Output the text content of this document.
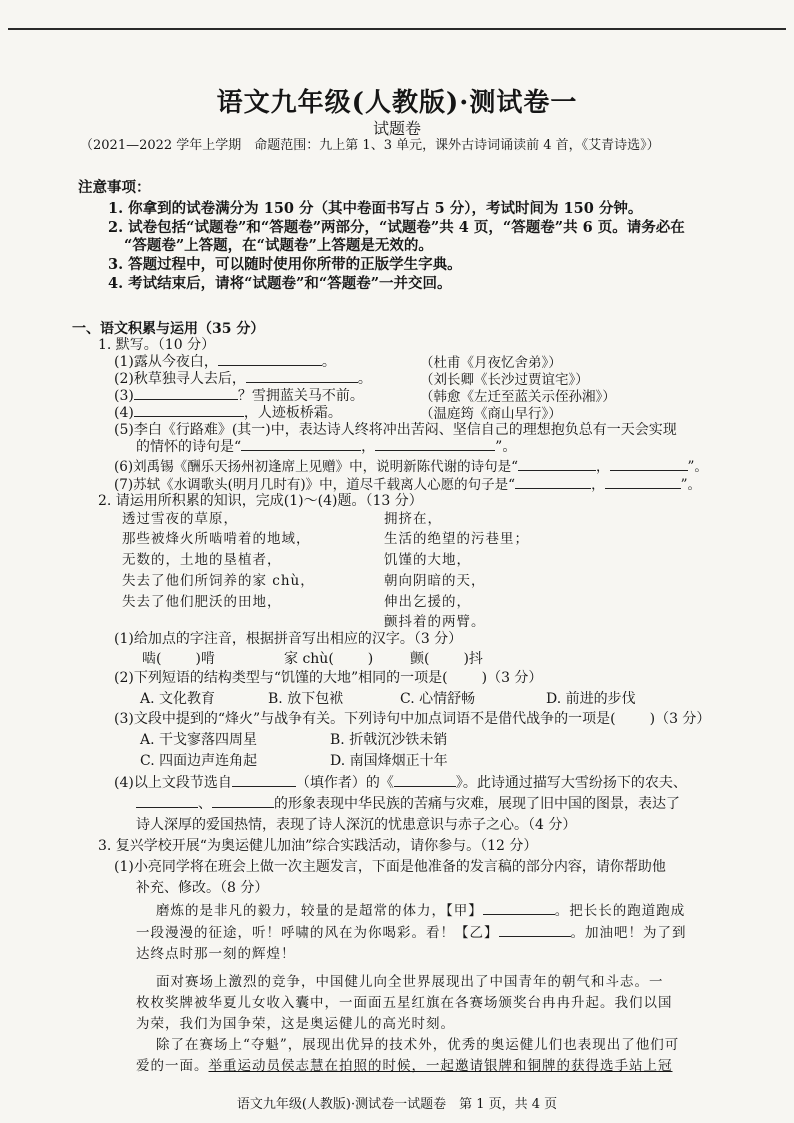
语文九年级(人教版)·测试卷一
试题卷
（2021—2022 学年上学期　命题范围：九上第 1、3 单元，课外古诗词诵读前 4 首，《艾青诗选》）
注意事项：
1. 你拿到的试卷满分为 150 分（其中卷面书写占 5 分），考试时间为 150 分钟。
2. 试卷包括“试题卷”和“答题卷”两部分，“试题卷”共 4 页，“答题卷”共 6 页。请务必在
“答题卷”上答题，在“试题卷”上答题是无效的。
3. 答题过程中，可以随时使用你所带的正版学生字典。
4. 考试结束后，请将“试题卷”和“答题卷”一并交回。
一、语文积累与运用（35 分）
1. 默写。（10 分）
(1)露从今夜白，	。	（杜甫《月夜忆舍弟》）
(2)秋草独寻人去后，	。	（刘长卿《长沙过贾谊宅》）
(3)	？雪拥蓝关马不前。	（韩愈《左迁至蓝关示侄孙湘》）
(4)	，人迹板桥霜。	（温庭筠《商山早行》）
(5)李白《行路难》(其一)中，表达诗人终将冲出苦闷、坚信自己的理想抱负总有一天会实现
的情怀的诗句是“	，	”。
(6)刘禹锡《酬乐天扬州初逢席上见赠》中，说明新陈代谢的诗句是“	，	”。
(7)苏轼《水调歌头(明月几时有)》中，道尽千载离人心愿的句子是“	，	”。
2. 请运用所积累的知识，完成(1)～(4)题。（13 分）
透过雪夜的草原，
那些被烽火所啮啃着的地域，
无数的，土地的垦植者，
失去了他们所饲养的家 chù，
失去了他们肥沃的田地，
拥挤在，
生活的绝望的污巷里；
饥馑的大地，
朝向阴暗的天，
伸出乞援的，
颤抖着的两臂。
(1)给加点的字注音，根据拼音写出相应的汉字。（3 分）
啮( )啃	家 chù( )	颤( )抖
(2)下列短语的结构类型与“饥馑的大地”相同的一项是( )（3 分）
A. 文化教育	B. 放下包袱	C. 心情舒畅	D. 前进的步伐
(3)文段中提到的“烽火”与战争有关。下列诗句中加点词语不是借代战争的一项是( )（3 分）
A. 干戈寥落四周星	B. 折戟沉沙铁未销
C. 四面边声连角起	D. 南国烽烟正十年
(4)以上文段节选自	（填作者）的《	》。此诗通过描写大雪纷扬下的农夫、
、	的形象表现中华民族的苦痛与灾难，展现了旧中国的图景，表达了
诗人深厚的爱国热情，表现了诗人深沉的忧患意识与赤子之心。（4 分）
3. 复兴学校开展“为奥运健儿加油”综合实践活动，请你参与。（12 分）
(1)小亮同学将在班会上做一次主题发言，下面是他准备的发言稿的部分内容，请你帮助他
补充、修改。（8 分）
磨炼的是非凡的毅力，较量的是超常的体力，【甲】	。把长长的跑道跑成
一段漫漫的征途，听！呼啸的风在为你喝彩。看！【乙】	。加油吧！为了到
达终点时那一刻的辉煌！
面对赛场上激烈的竞争，中国健儿向全世界展现出了中国青年的朝气和斗志。一
枚枚奖牌被华夏儿女收入囊中，一面面五星红旗在各赛场颁奖台冉冉升起。我们以国
为荣，我们为国争荣，这是奥运健儿的高光时刻。
除了在赛场上“夺魁”，展现出优异的技术外，优秀的奥运健儿们也表现出了他们可
爱的一面。举重运动员侯志慧在拍照的时候，一起邀请银牌和铜牌的获得选手站上冠
语文九年级(人教版)·测试卷一试题卷　第 1 页，共 4 页
